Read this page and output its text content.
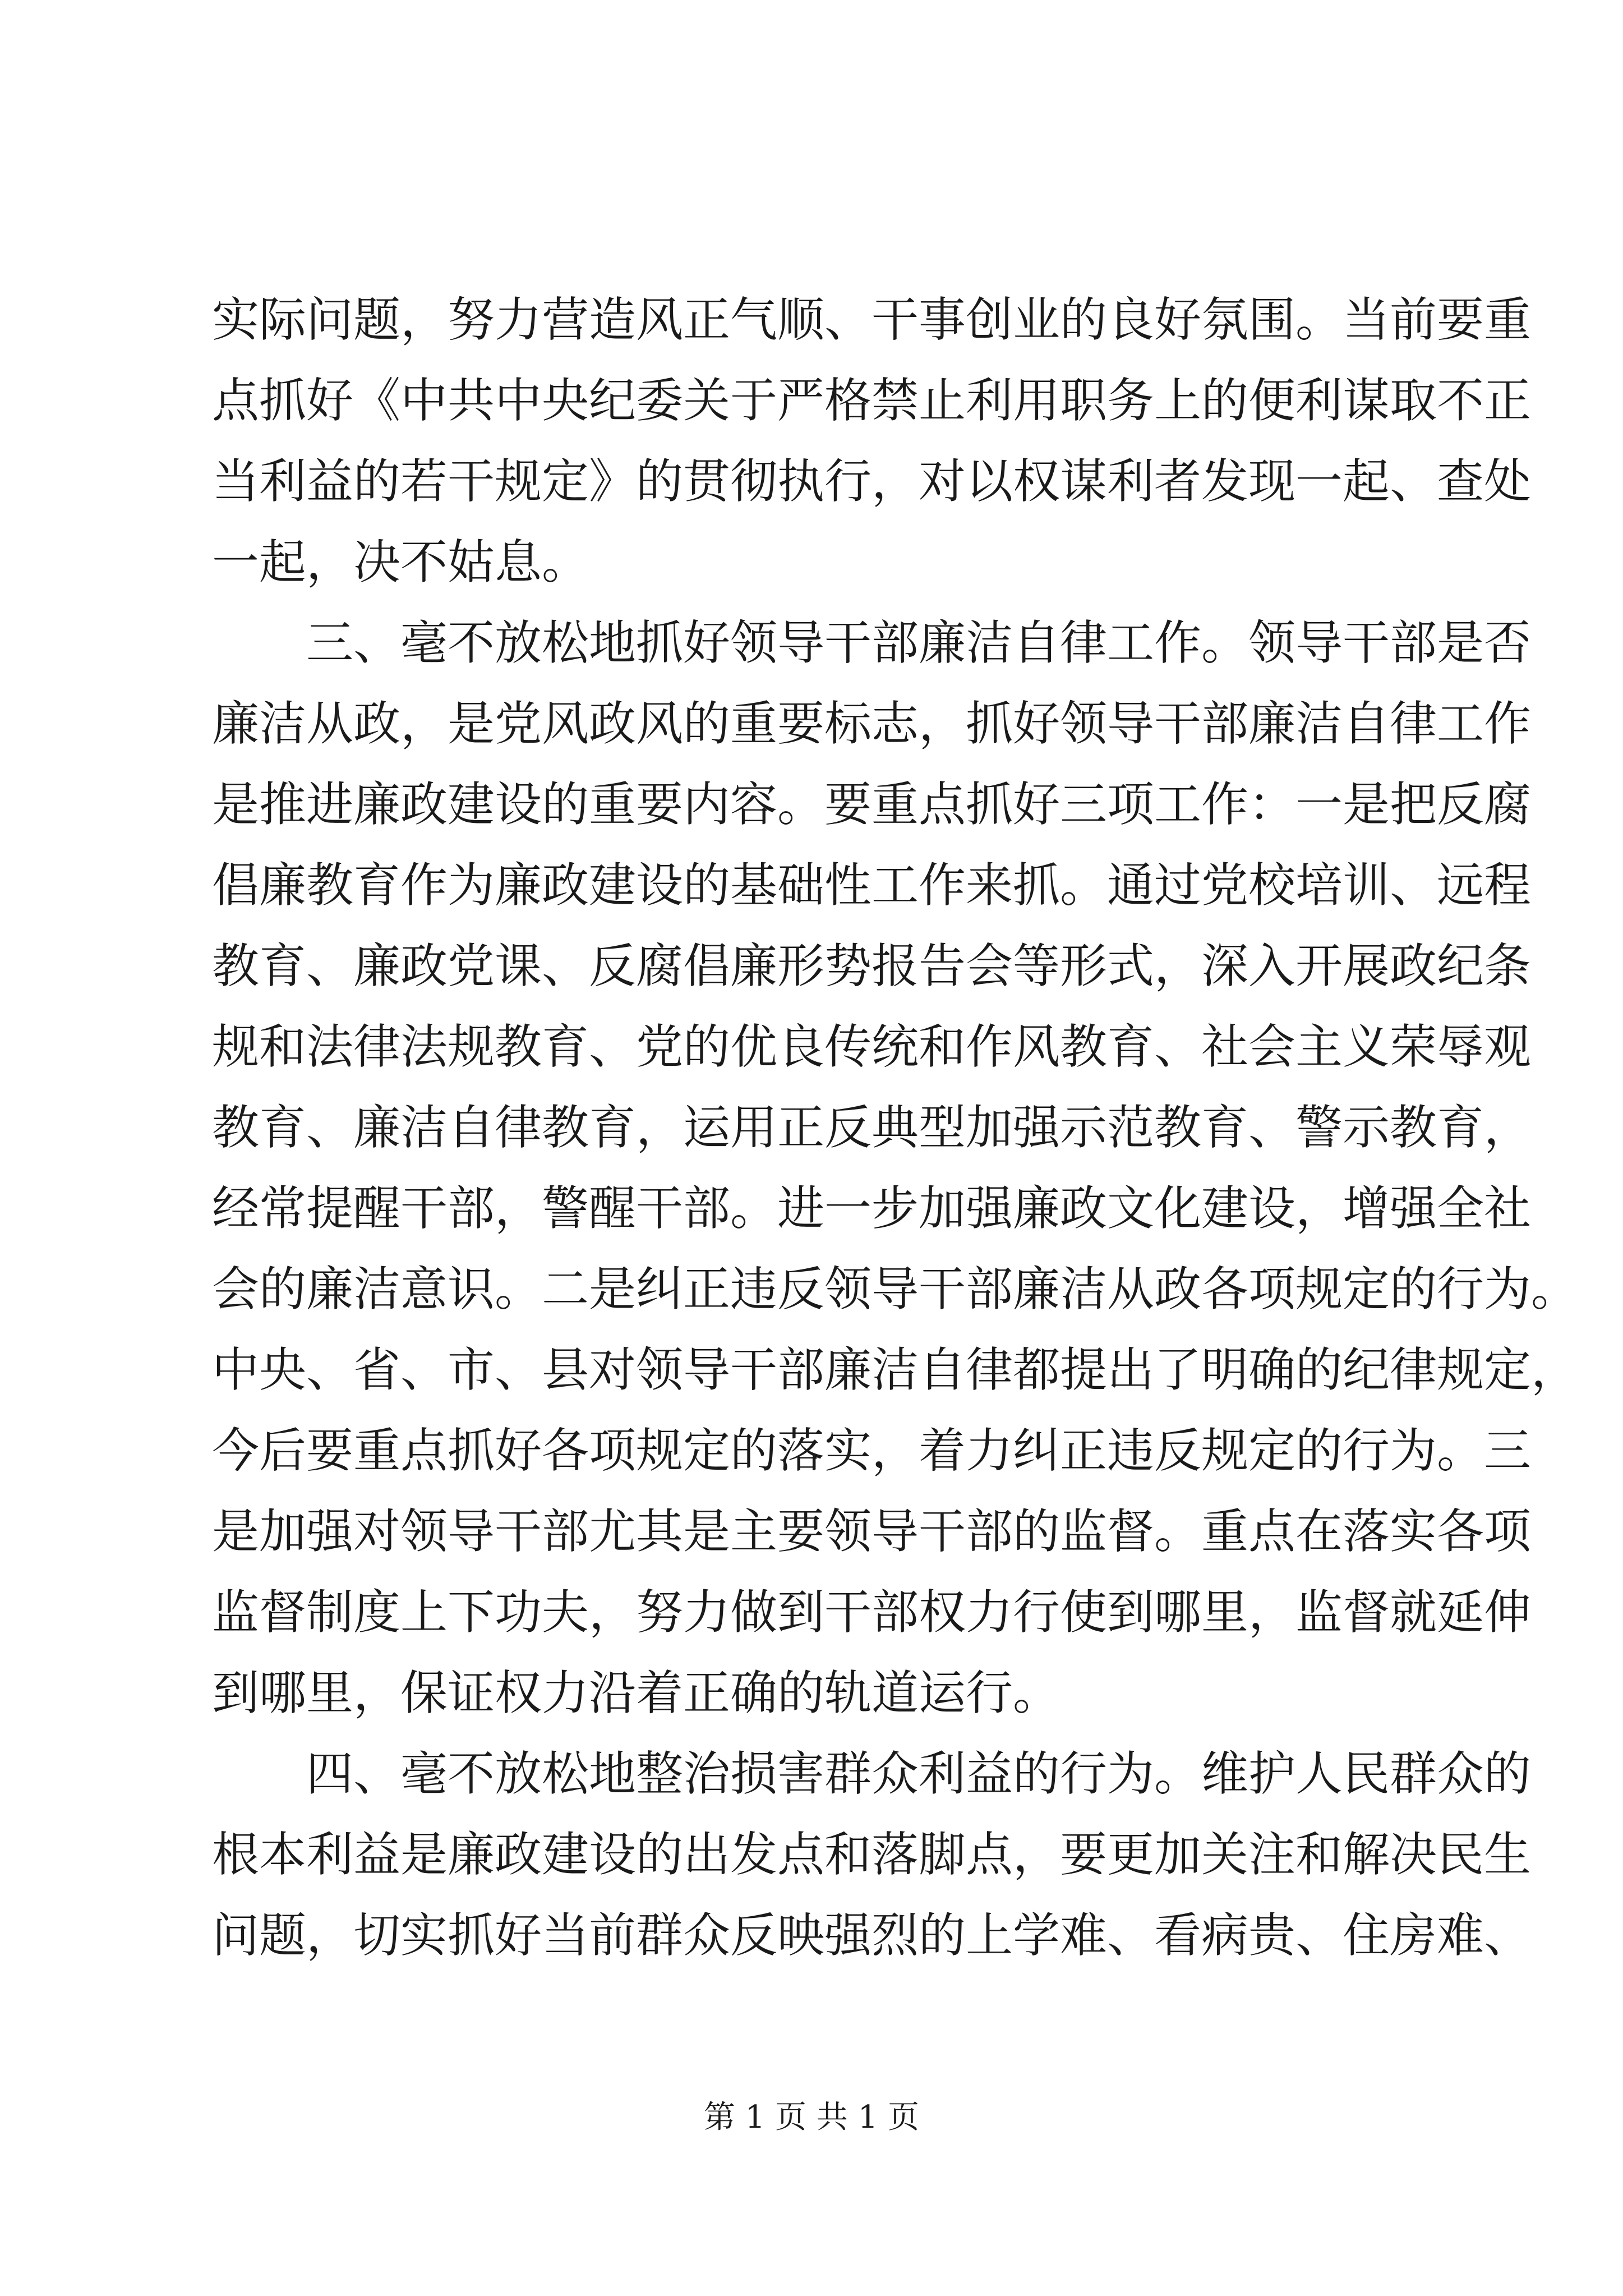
实际问题，努力营造风正气顺、干事创业的良好氛围。当前要重
点抓好《中共中央纪委关于严格禁止利用职务上的便利谋取不正
当利益的若干规定》的贯彻执行，对以权谋利者发现一起、查处
一起，决不姑息。
三、毫不放松地抓好领导干部廉洁自律工作。领导干部是否
廉洁从政，是党风政风的重要标志，抓好领导干部廉洁自律工作
是推进廉政建设的重要内容。要重点抓好三项工作：一是把反腐
倡廉教育作为廉政建设的基础性工作来抓。通过党校培训、远程
教育、廉政党课、反腐倡廉形势报告会等形式，深入开展政纪条
规和法律法规教育、党的优良传统和作风教育、社会主义荣辱观
教育、廉洁自律教育，运用正反典型加强示范教育、警示教育，
经常提醒干部，警醒干部。进一步加强廉政文化建设，增强全社
会的廉洁意识。二是纠正违反领导干部廉洁从政各项规定的行为。
中央、省、市、县对领导干部廉洁自律都提出了明确的纪律规定，
今后要重点抓好各项规定的落实，着力纠正违反规定的行为。三
是加强对领导干部尤其是主要领导干部的监督。重点在落实各项
监督制度上下功夫，努力做到干部权力行使到哪里，监督就延伸
到哪里，保证权力沿着正确的轨道运行。
四、毫不放松地整治损害群众利益的行为。维护人民群众的
根本利益是廉政建设的出发点和落脚点，要更加关注和解决民生
问题，切实抓好当前群众反映强烈的上学难、看病贵、住房难、
第 1 页 共 1 页
